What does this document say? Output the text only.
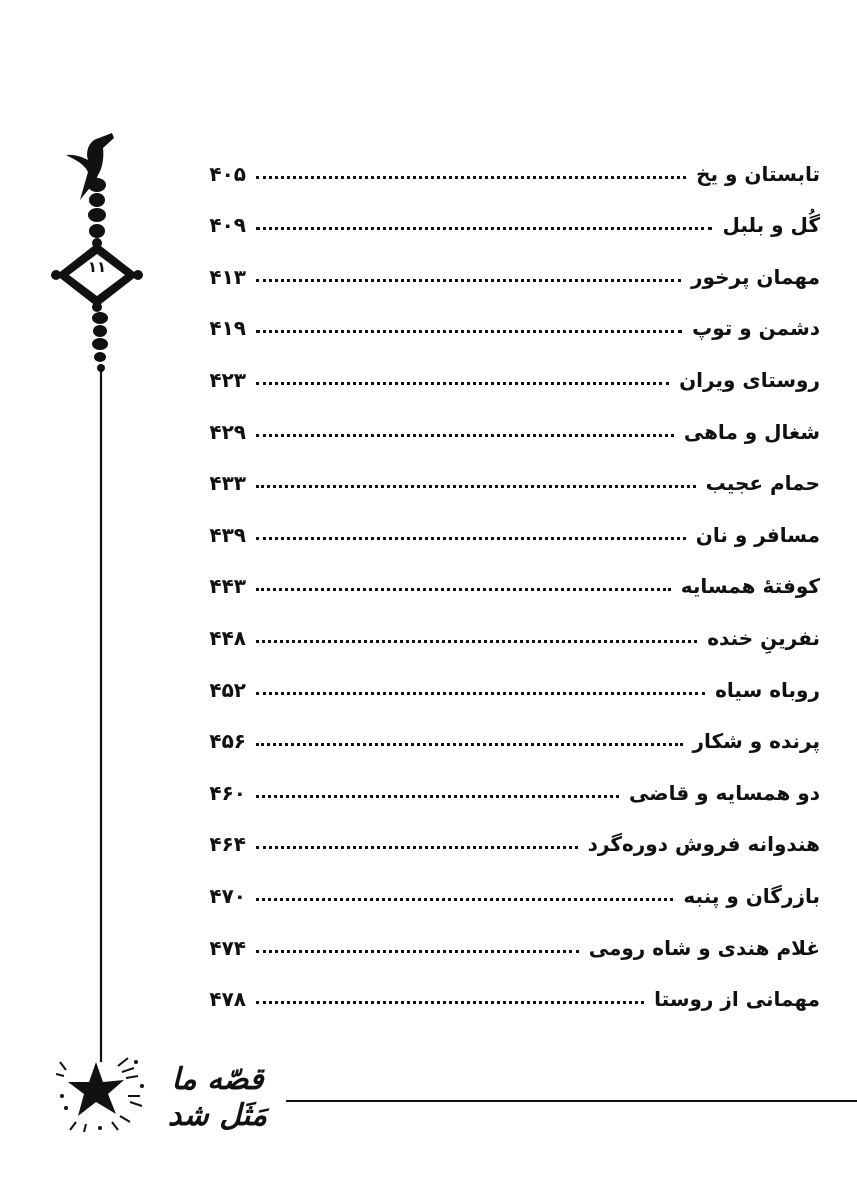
۱۱
تابستان و یخ
۴۰۵
گُل و بلبل
۴۰۹
مهمان پرخور
۴۱۳
دشمن و توپ
۴۱۹
روستای ویران
۴۲۳
شغال و ماهی
۴۲۹
حمام عجیب
۴۳۳
مسافر و نان
۴۳۹
کوفتهٔ همسایه
۴۴۳
نفرینِ خنده
۴۴۸
روباه سیاه
۴۵۲
پرنده و شکار
۴۵۶
دو همسایه و قاضی
۴۶۰
هندوانه فروش دوره‌گرد
۴۶۴
بازرگان و پنبه
۴۷۰
غلام هندی و شاه رومی
۴۷۴
مهمانی از روستا
۴۷۸
قصّه ما مَثَل شد
